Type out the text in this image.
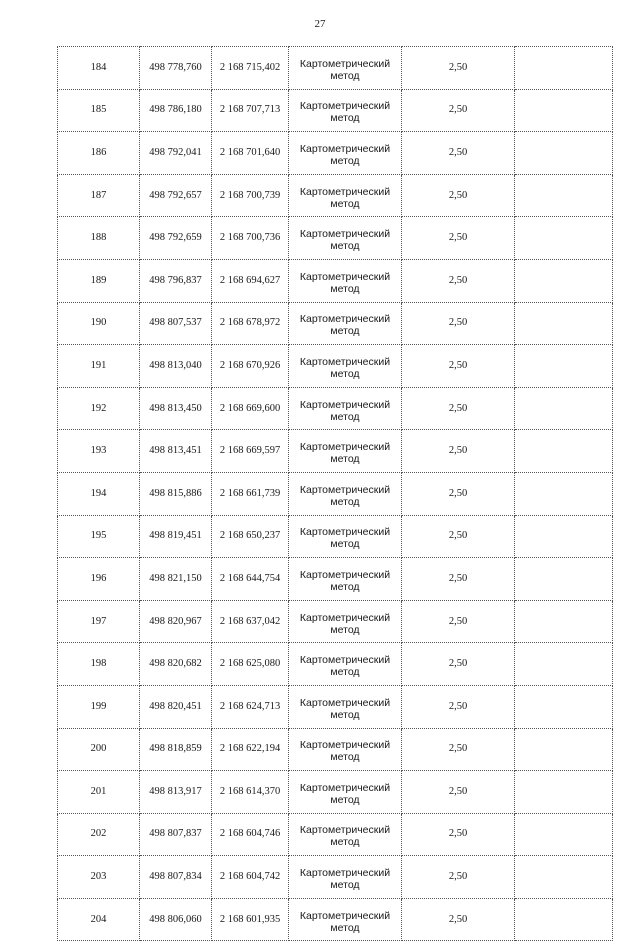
27
184	498 778,760	2 168 715,402	Картометрический
метод	2,50	
185	498 786,180	2 168 707,713	Картометрический
метод	2,50	
186	498 792,041	2 168 701,640	Картометрический
метод	2,50	
187	498 792,657	2 168 700,739	Картометрический
метод	2,50	
188	498 792,659	2 168 700,736	Картометрический
метод	2,50	
189	498 796,837	2 168 694,627	Картометрический
метод	2,50	
190	498 807,537	2 168 678,972	Картометрический
метод	2,50	
191	498 813,040	2 168 670,926	Картометрический
метод	2,50	
192	498 813,450	2 168 669,600	Картометрический
метод	2,50	
193	498 813,451	2 168 669,597	Картометрический
метод	2,50	
194	498 815,886	2 168 661,739	Картометрический
метод	2,50	
195	498 819,451	2 168 650,237	Картометрический
метод	2,50	
196	498 821,150	2 168 644,754	Картометрический
метод	2,50	
197	498 820,967	2 168 637,042	Картометрический
метод	2,50	
198	498 820,682	2 168 625,080	Картометрический
метод	2,50	
199	498 820,451	2 168 624,713	Картометрический
метод	2,50	
200	498 818,859	2 168 622,194	Картометрический
метод	2,50	
201	498 813,917	2 168 614,370	Картометрический
метод	2,50	
202	498 807,837	2 168 604,746	Картометрический
метод	2,50	
203	498 807,834	2 168 604,742	Картометрический
метод	2,50	
204	498 806,060	2 168 601,935	Картометрический
метод	2,50	
